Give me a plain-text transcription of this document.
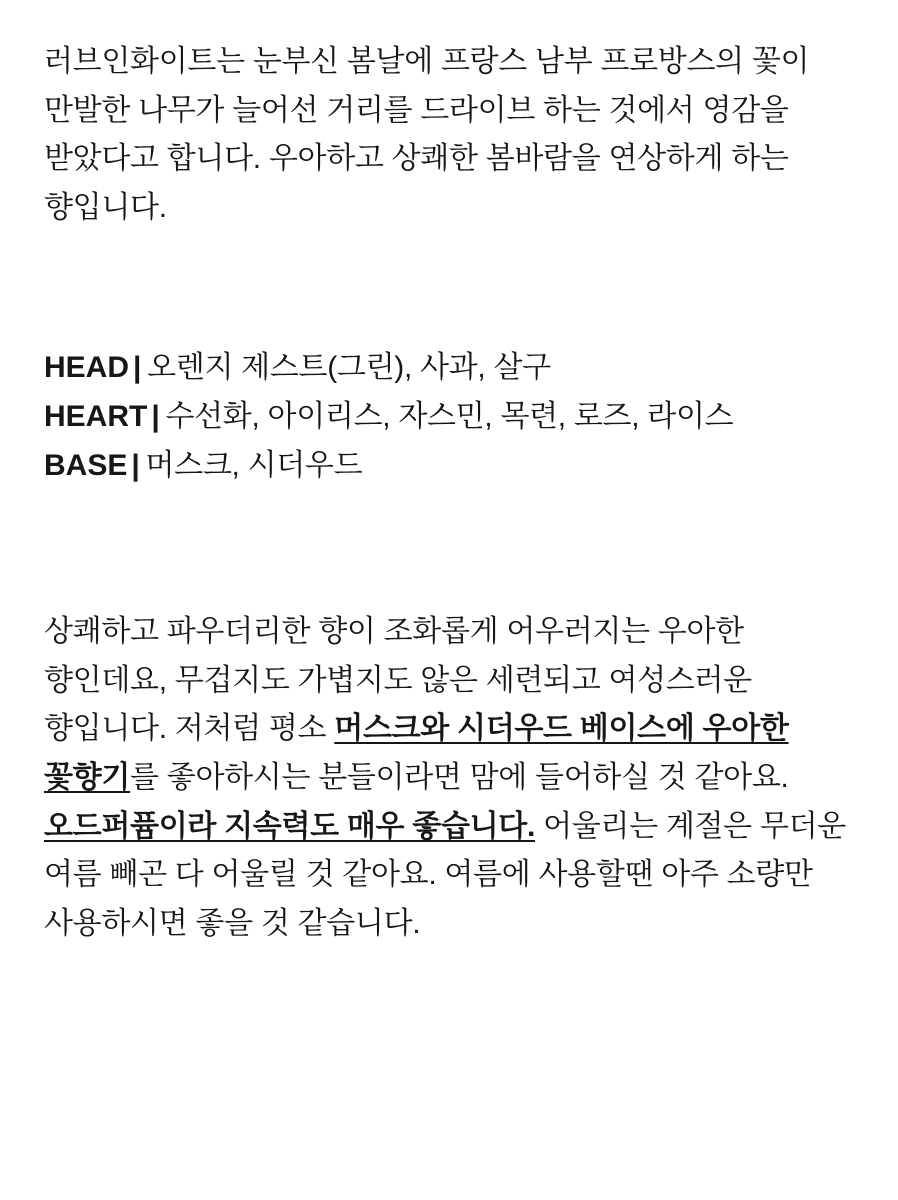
러브인화이트는 눈부신 봄날에 프랑스 남부 프로방스의 꽃이 만발한 나무가 늘어선 거리를 드라이브 하는 것에서 영감을 받았다고 합니다. 우아하고 상쾌한 봄바람을 연상하게 하는 향입니다.

HEAD | 오렌지 제스트(그린), 사과, 살구
HEART | 수선화, 아이리스, 자스민, 목련, 로즈, 라이스
BASE | 머스크, 시더우드

상쾌하고 파우더리한 향이 조화롭게 어우러지는 우아한 향인데요, 무겁지도 가볍지도 않은 세련되고 여성스러운 향입니다. 저처럼 평소 머스크와 시더우드 베이스에 우아한 꽃향기를 좋아하시는 분들이라면 맘에 들어하실 것 같아요. 오드퍼퓸이라 지속력도 매우 좋습니다. 어울리는 계절은 무더운 여름 빼곤 다 어울릴 것 같아요. 여름에 사용할땐 아주 소량만 사용하시면 좋을 것 같습니다.
